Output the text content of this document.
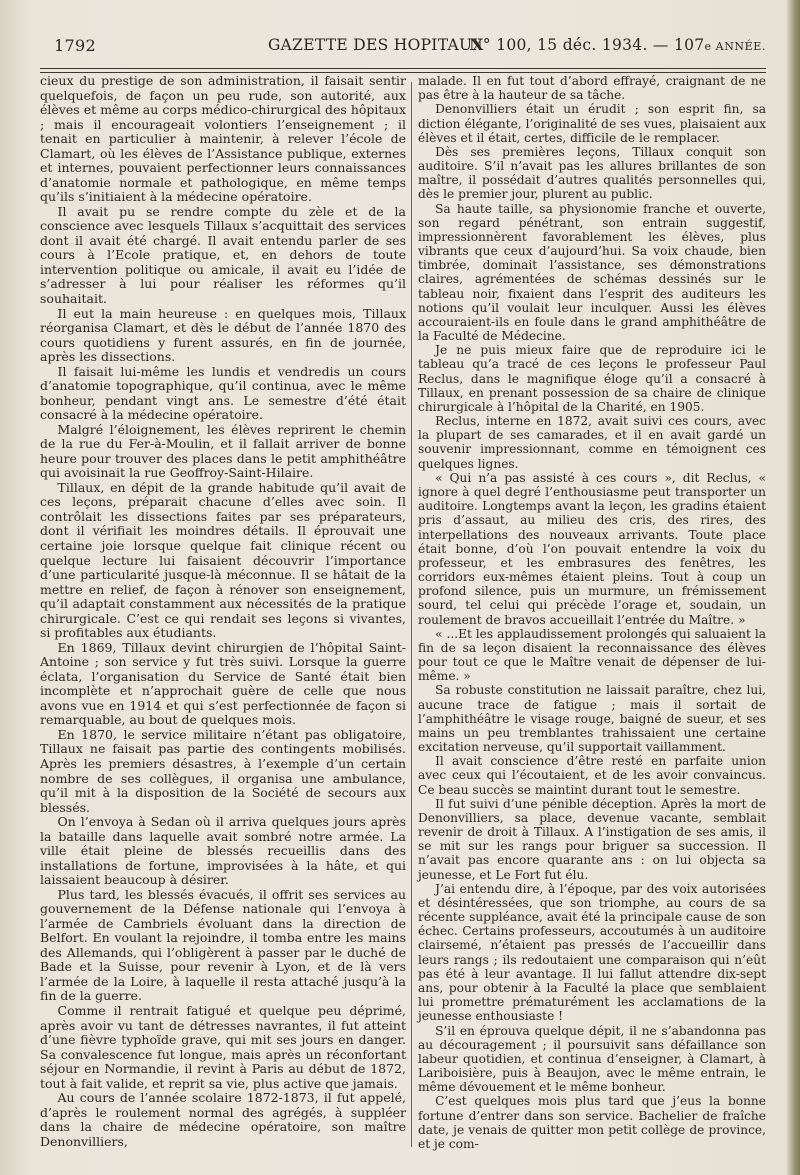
1792	GAZETTE DES HOPITAUX
N° 100, 15 déc. 1934. — 107e ANNÉE.

cieux du prestige de son administration, il faisait sentir quelquefois, de façon un peu rude, son autorité, aux élèves et même au corps médico-chirurgical des hôpitaux ; mais il encourageait volontiers l’enseignement ; il tenait en particulier à maintenir, à relever l’école de Clamart, où les élèves de l’Assistance publique, externes et internes, pouvaient perfectionner leurs connaissances d’anatomie normale et pathologique, en même temps qu’ils s’initiaient à la médecine opératoire.

Il avait pu se rendre compte du zèle et de la conscience avec lesquels Tillaux s’acquittait des services dont il avait été chargé. Il avait entendu parler de ses cours à l’Ecole pratique, et, en dehors de toute intervention politique ou amicale, il avait eu l’idée de s’adresser à lui pour réaliser les réformes qu’il souhaitait.

Il eut la main heureuse : en quelques mois, Tillaux réorganisa Clamart, et dès le début de l’année 1870 des cours quotidiens y furent assurés, en fin de journée, après les dissections.

Il faisait lui-même les lundis et vendredis un cours d’anatomie topographique, qu’il continua, avec le même bonheur, pendant vingt ans. Le semestre d’été était consacré à la médecine opératoire.

Malgré l’éloignement, les élèves reprirent le chemin de la rue du Fer-à-Moulin, et il fallait arriver de bonne heure pour trouver des places dans le petit amphithéâtre qui avoisinait la rue Geoffroy-Saint-Hilaire.

Tillaux, en dépit de la grande habitude qu’il avait de ces leçons, préparait chacune d’elles avec soin. Il contrôlait les dissections faites par ses préparateurs, dont il vérifiait les moindres détails. Il éprouvait une certaine joie lorsque quelque fait clinique récent ou quelque lecture lui faisaient découvrir l’importance d’une particularité jusque-là méconnue. Il se hâtait de la mettre en relief, de façon à rénover son enseignement, qu’il adaptait constamment aux nécessités de la pratique chirurgicale. C’est ce qui rendait ses leçons si vivantes, si profitables aux étudiants.

En 1869, Tillaux devint chirurgien de l’hôpital Saint-Antoine ; son service y fut très suivi. Lorsque la guerre éclata, l’organisation du Service de Santé était bien incomplète et n’approchait guère de celle que nous avons vue en 1914 et qui s’est perfectionnée de façon si remarquable, au bout de quelques mois.

En 1870, le service militaire n’étant pas obligatoire, Tillaux ne faisait pas partie des contingents mobilisés. Après les premiers désastres, à l’exemple d’un certain nombre de ses collègues, il organisa une ambulance, qu’il mit à la disposition de la Société de secours aux blessés.

On l’envoya à Sedan où il arriva quelques jours après la bataille dans laquelle avait sombré notre armée. La ville était pleine de blessés recueillis dans des installations de fortune, improvisées à la hâte, et qui laissaient beaucoup à désirer.

Plus tard, les blessés évacués, il offrit ses services au gouvernement de la Défense nationale qui l’envoya à l’armée de Cambriels évoluant dans la direction de Belfort. En voulant la rejoindre, il tomba entre les mains des Allemands, qui l’obligèrent à passer par le duché de Bade et la Suisse, pour revenir à Lyon, et de là vers l’armée de la Loire, à laquelle il resta attaché jusqu’à la fin de la guerre.

Comme il rentrait fatigué et quelque peu déprimé, après avoir vu tant de détresses navrantes, il fut atteint d’une fièvre typhoïde grave, qui mit ses jours en danger. Sa convalescence fut longue, mais après un réconfortant séjour en Normandie, il revint à Paris au début de 1872, tout à fait valide, et reprit sa vie, plus active que jamais.

Au cours de l’année scolaire 1872-1873, il fut appelé, d’après le roulement normal des agrégés, à suppléer dans la chaire de médecine opératoire, son maître Denonvilliers,

malade. Il en fut tout d’abord effrayé, craignant de ne pas être à la hauteur de sa tâche.

Denonvilliers était un érudit ; son esprit fin, sa diction élégante, l’originalité de ses vues, plaisaient aux élèves et il était, certes, difficile de le remplacer.

Dès ses premières leçons, Tillaux conquit son auditoire. S’il n’avait pas les allures brillantes de son maître, il possédait d’autres qualités personnelles qui, dès le premier jour, plurent au public.

Sa haute taille, sa physionomie franche et ouverte, son regard pénétrant, son entrain suggestif, impressionnèrent favorablement les élèves, plus vibrants que ceux d’aujourd’hui. Sa voix chaude, bien timbrée, dominait l’assistance, ses démonstrations claires, agrémentées de schémas dessinés sur le tableau noir, fixaient dans l’esprit des auditeurs les notions qu’il voulait leur inculquer. Aussi les élèves accouraient-ils en foule dans le grand amphithéâtre de la Faculté de Médecine.

Je ne puis mieux faire que de reproduire ici le tableau qu’a tracé de ces leçons le professeur Paul Reclus, dans le magnifique éloge qu’il a consacré à Tillaux, en prenant possession de sa chaire de clinique chirurgicale à l’hôpital de la Charité, en 1905.

Reclus, interne en 1872, avait suivi ces cours, avec la plupart de ses camarades, et il en avait gardé un souvenir impressionnant, comme en témoignent ces quelques lignes.

« Qui n’a pas assisté à ces cours », dit Reclus, « ignore à quel degré l’enthousiasme peut transporter un auditoire. Longtemps avant la leçon, les gradins étaient pris d’assaut, au milieu des cris, des rires, des interpellations des nouveaux arrivants. Toute place était bonne, d’où l’on pouvait entendre la voix du professeur, et les embrasures des fenêtres, les corridors eux-mêmes étaient pleins. Tout à coup un profond silence, puis un murmure, un frémissement sourd, tel celui qui précède l’orage et, soudain, un roulement de bravos accueillait l’entrée du Maître. »

« ...Et les applaudissement prolongés qui saluaient la fin de sa leçon disaient la reconnaissance des élèves pour tout ce que le Maître venait de dépenser de lui-même. »

Sa robuste constitution ne laissait paraître, chez lui, aucune trace de fatigue ; mais il sortait de l’amphithéâtre le visage rouge, baigné de sueur, et ses mains un peu tremblantes trahissaient une certaine excitation nerveuse, qu’il supportait vaillamment.

Il avait conscience d’être resté en parfaite union avec ceux qui l’écoutaient, et de les avoir convaincus. Ce beau succès se maintint durant tout le semestre.

Il fut suivi d’une pénible déception. Après la mort de Denonvilliers, sa place, devenue vacante, semblait revenir de droit à Tillaux. A l’instigation de ses amis, il se mit sur les rangs pour briguer sa succession. Il n’avait pas encore quarante ans : on lui objecta sa jeunesse, et Le Fort fut élu.

J’ai entendu dire, à l’époque, par des voix autorisées et désintéressées, que son triomphe, au cours de sa récente suppléance, avait été la principale cause de son échec. Certains professeurs, accoutumés à un auditoire clairsemé, n’étaient pas pressés de l’accueillir dans leurs rangs ; ils redoutaient une comparaison qui n’eût pas été à leur avantage. Il lui fallut attendre dix-sept ans, pour obtenir à la Faculté la place que semblaient lui promettre prématurément les acclamations de la jeunesse enthousiaste !

S’il en éprouva quelque dépit, il ne s’abandonna pas au découragement ; il poursuivit sans défaillance son labeur quotidien, et continua d’enseigner, à Clamart, à Lariboisière, puis à Beaujon, avec le même entrain, le même dévouement et le même bonheur.

C’est quelques mois plus tard que j’eus la bonne fortune d’entrer dans son service. Bachelier de fraîche date, je venais de quitter mon petit collège de province, et je com-
